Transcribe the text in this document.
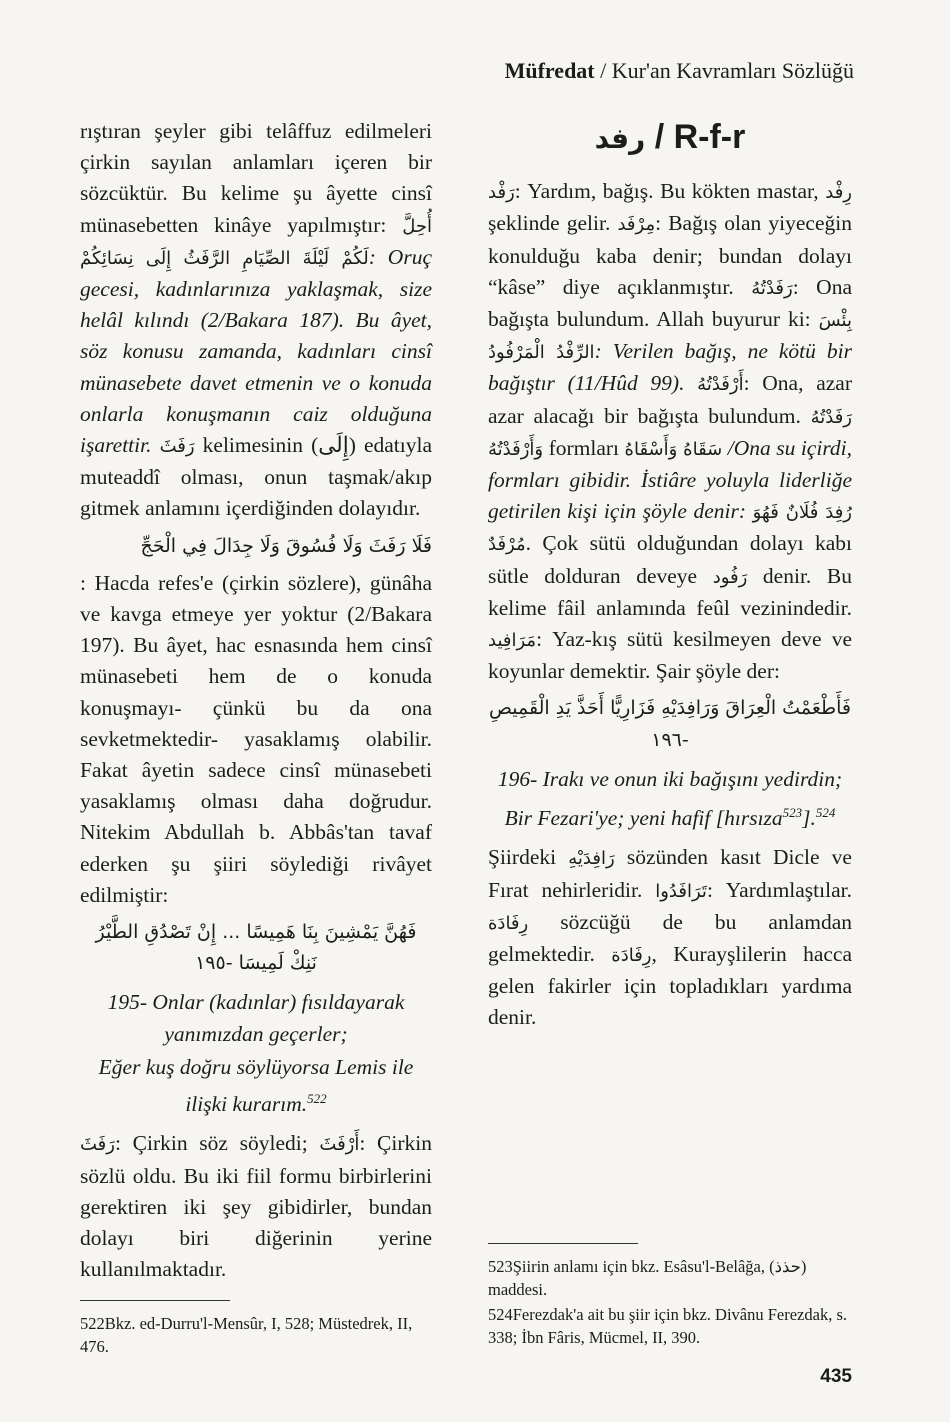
Müfredat / Kur'an Kavramları Sözlüğü

rıştıran şeyler gibi telâffuz edilmeleri çirkin sayılan anlamları içeren bir sözcüktür. Bu kelime şu âyette cinsî münasebetten kinâye yapılmıştır: أُحِلَّ لَكُمْ لَيْلَةَ الصِّيَامِ الرَّفَثُ إِلَى نِسَائِكُمْ: Oruç gecesi, kadınlarınıza yaklaşmak, size helâl kılındı (2/Bakara 187). Bu âyet, söz konusu zamanda, kadınları cinsî münasebete davet etmenin ve o konuda onlarla konuşmanın caiz olduğuna işarettir. رَفَثَ kelimesinin (إِلَى) edatıyla muteaddî olması, onun taşmak/akıp gitmek anlamını içerdiğinden dolayıdır.

فَلَا رَفَثَ وَلَا فُسُوقَ وَلَا جِدَالَ فِي الْحَجِّ

: Hacda refes'e (çirkin sözlere), günâha ve kavga etmeye yer yoktur (2/Bakara 197). Bu âyet, hac esnasında hem cinsî münasebeti hem de o konuda konuşmayı- çünkü bu da ona sevketmektedir- yasaklamış olabilir. Fakat âyetin sadece cinsî münasebeti yasaklamış olması daha doğrudur. Nitekim Abdullah b. Abbâs'tan tavaf ederken şu şiiri söylediği rivâyet edilmiştir:

فَهُنَّ يَمْشِينَ بِنَا هَمِيسًا ... إِنْ تَصْدُقِ الطَّيْرُ نَنِكْ لَمِيسَا -١٩٥

195- Onlar (kadınlar) fısıldayarak yanımızdan geçerler;

Eğer kuş doğru söylüyorsa Lemis ile ilişki kurarım.$^{522}$

رَفَثَ: Çirkin söz söyledi; أَرْفَثَ: Çirkin sözlü oldu. Bu iki fiil formu birbirlerini gerektiren iki şey gibidirler, bundan dolayı biri diğerinin yerine kullanılmaktadır.

522Bkz. ed-Durru'l-Mensûr, I, 528; Müstedrek, II, 476.

رفد / R-f-r

رَفْد: Yardım, bağış. Bu kökten mastar, رِفْد şeklinde gelir. مِرْفَد: Bağış olan yiyeceğin konulduğu kaba denir; bundan dolayı “kâse” diye açıklanmıştır. رَفَدْتُهُ: Ona bağışta bulundum. Allah buyurur ki: بِئْسَ الرِّفْدُ الْمَرْفُودُ: Verilen bağış, ne kötü bir bağıştır (11/Hûd 99). أَرْفَدْتُهُ: Ona, azar azar alacağı bir bağışta bulundum. رَفَدْتُهُ وَأَرْفَدْتُهُ formları سَقَاهُ وَأَسْقَاهُ /Ona su içirdi, formları gibidir. İstiâre yoluyla liderliğe getirilen kişi için şöyle denir: رُفِدَ فُلَانٌ فَهُوَ مُرْفَدٌ. Çok sütü olduğundan dolayı kabı sütle dolduran deveye رَفُود denir. Bu kelime fâil anlamında feûl vezinindedir. مَرَافِيد: Yaz-kış sütü kesilmeyen deve ve koyunlar demektir. Şair şöyle der:

فَأَطْعَمْتُ الْعِرَاقَ وَرَافِدَيْهِ فَزَارِيًّا أَحَذَّ يَدِ الْقَمِيصِ -١٩٦

196- Irakı ve onun iki bağışını yedirdin;

Bir Fezari'ye; yeni hafif [hırsıza$^{523}$].$^{524}$

Şiirdeki رَافِدَيْهِ sözünden kasıt Dicle ve Fırat nehirleridir. تَرَافَدُوا: Yardımlaştılar. رِفَادَة sözcüğü de bu anlamdan gelmektedir. رِفَادَة, Kurayşlilerin hacca gelen fakirler için topladıkları yardıma denir.

523Şiirin anlamı için bkz. Esâsu'l-Belâğa, (حذذ) maddesi.

524Ferezdak'a ait bu şiir için bkz. Divânu Ferezdak, s. 338; İbn Fâris, Mücmel, II, 390.

435
